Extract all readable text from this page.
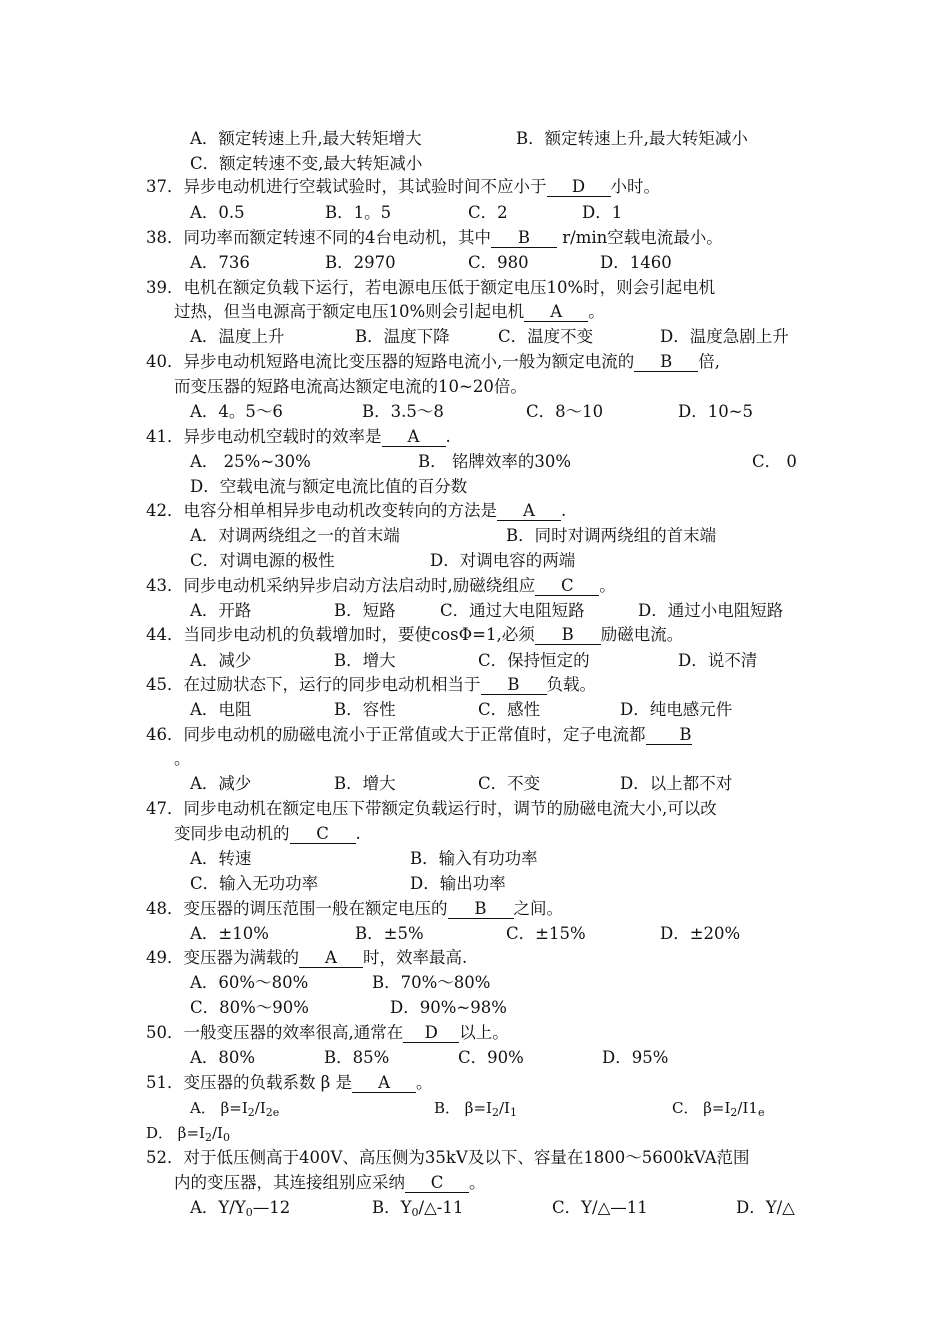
A．额定转速上升,最大转矩增大	B．额定转速上升,最大转矩减小
C．额定转速不变,最大转矩减小
37．异步电动机进行空载试验时，其试验时间不应小于 D 小时。
A．0.5	B．1。5	C．2	D．1
38．同功率而额定转速不同的4台电动机，其中 B r/min空载电流最小。
A．736	B．2970	C．980	D．1460
39．电机在额定负载下运行，若电源电压低于额定电压10%时，则会引起电机
过热，但当电源高于额定电压10%则会引起电机 A 。
A．温度上升	B．温度下降	C．温度不变	D．温度急剧上升
40．异步电动机短路电流比变压器的短路电流小,一般为额定电流的 B 倍,
而变压器的短路电流高达额定电流的10~20倍。
A．4。5～6	B．3.5～8	C．8～10	D．10~5
41．异步电动机空载时的效率是 A .
A． 25%~30%	B． 铭牌效率的30%	C． 0
D．空载电流与额定电流比值的百分数
42．电容分相单相异步电动机改变转向的方法是 A .
A．对调两绕组之一的首末端	B．同时对调两绕组的首末端
C．对调电源的极性	D．对调电容的两端
43．同步电动机采纳异步启动方法启动时,励磁绕组应 C 。
A．开路	B．短路	C．通过大电阻短路	D．通过小电阻短路
44．当同步电动机的负载增加时，要使cosΦ=1,必须 B 励磁电流。
A．减少	B．增大	C．保持恒定的	D．说不清
45．在过励状态下，运行的同步电动机相当于 B 负载。
A．电阻	B．容性	C．感性	D．纯电感元件
46．同步电动机的励磁电流小于正常值或大于正常值时，定子电流都 B
。
A．减少	B．增大	C．不变	D．以上都不对
47．同步电动机在额定电压下带额定负载运行时，调节的励磁电流大小,可以改
变同步电动机的 C .
A．转速	B．输入有功功率
C．输入无功功率	D．输出功率
48．变压器的调压范围一般在额定电压的 B 之间。
A．±10%	B．±5%	C．±15%	D．±20%
49．变压器为满载的 A 时，效率最高.
A．60%～80%	B．70%～80%
C．80%～90%	D．90%~98%
50．一般变压器的效率很高,通常在 D 以上。
A．80%	B．85%	C．90%	D．95%
51．变压器的负载系数 β 是 A 。
A． $\beta=I_2/I_{2e}$	B． $\beta=I_2/I_1$	C． $\beta=I_2/I1_e$
D． $\beta=I_2/I_0$
52．对于低压侧高于400V、高压侧为35kV及以下、容量在1800～5600kVA范围
内的变压器，其连接组别应采纳 C 。
A．$Y/Y_0—12$	B．$Y_0/\triangle-11$	C．Y/△—11	D．Y/△
